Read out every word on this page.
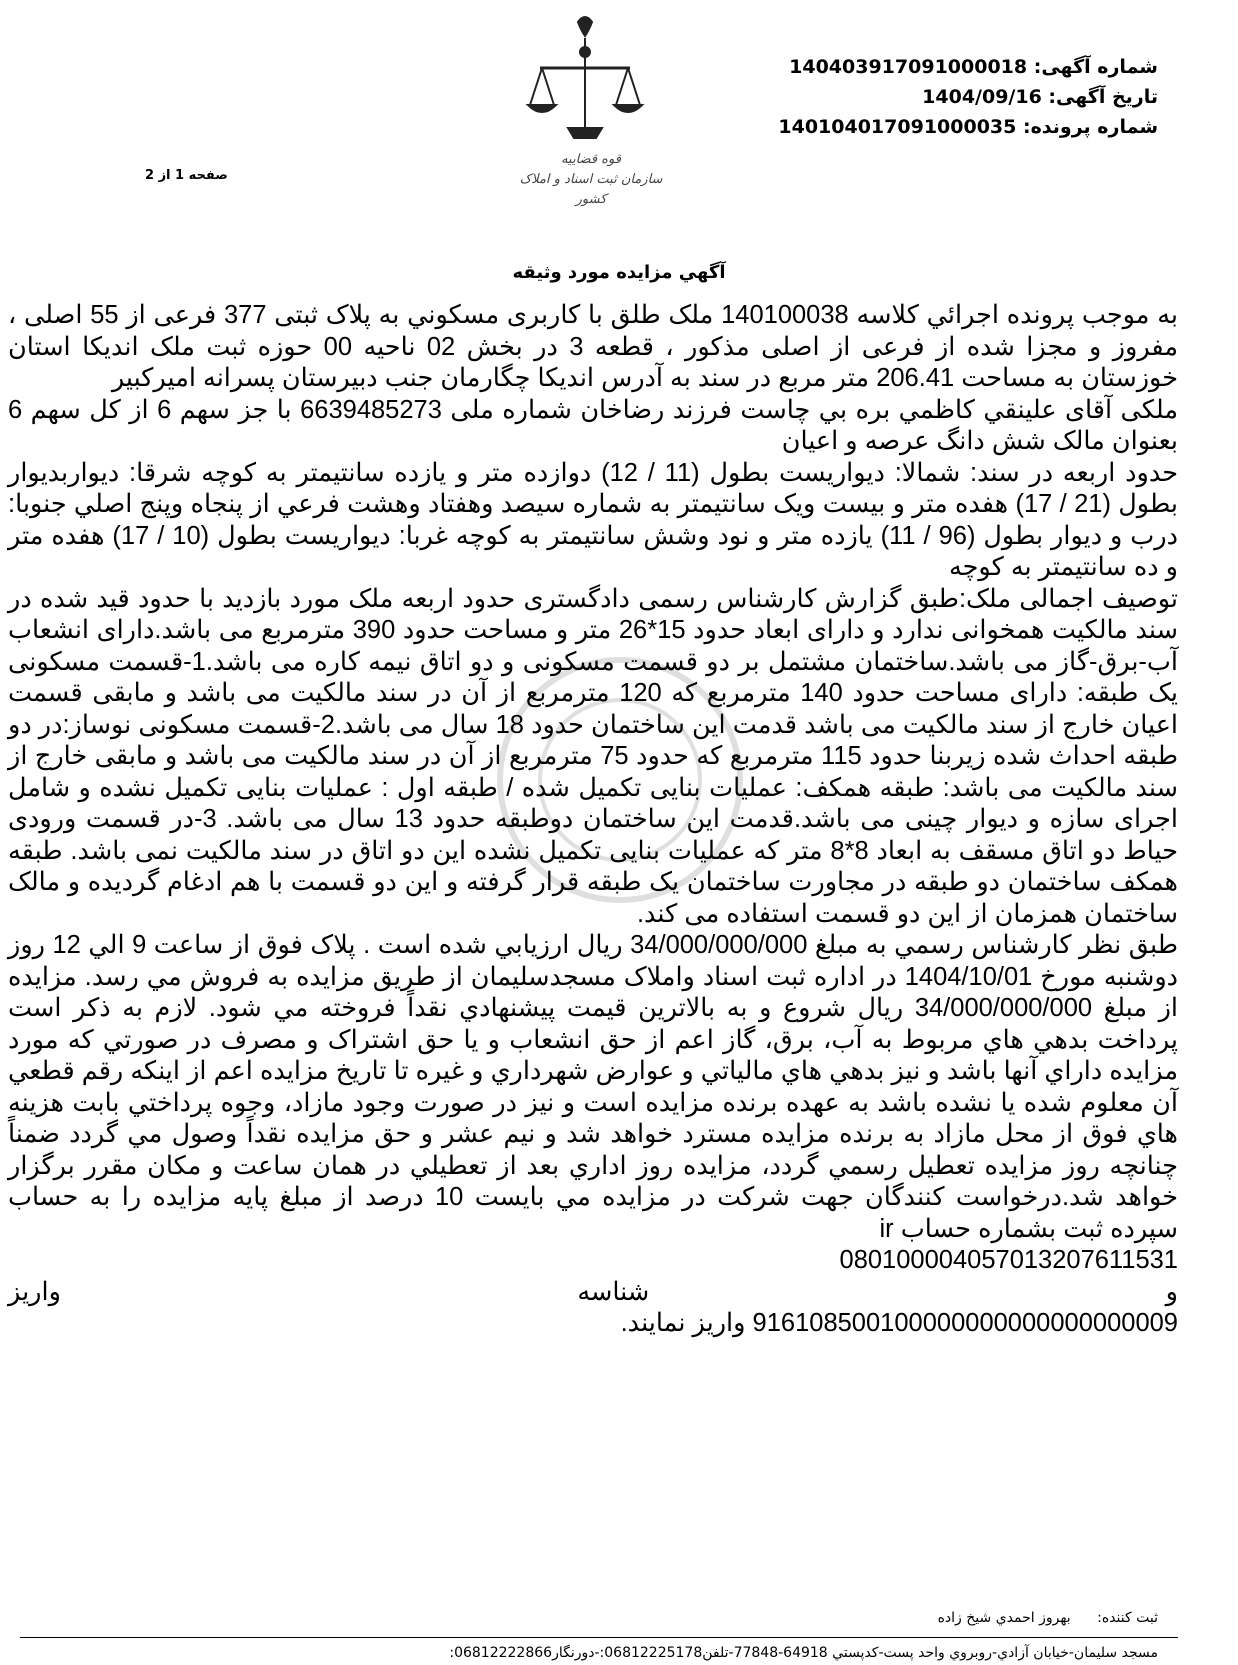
شماره آگهی: 140403917091000018
تاریخ آگهی: 1404/09/16
شماره پرونده: 140104017091000035
صفحه 1 از 2
قوه قضاییه
سازمان ثبت اسناد و املاک کشور
آگهي مزايده مورد وثيقه

به موجب پرونده اجرائي كلاسه 140100038 ملک طلق با کاربری مسكوني به پلاک ثبتی 377 فرعی از 55 اصلی ، مفروز و مجزا شده از فرعی از اصلی مذکور ، قطعه 3 در بخش 02 ناحيه 00 حوزه ثبت ملک انديكا استان خوزستان به مساحت 206.41 متر مربع در سند به آدرس انديكا چگارمان جنب دبيرستان پسرانه اميركبير

ملکی آقای علينقي كاظمي بره بي چاست فرزند رضاخان شماره ملی 6639485273 با جز سهم 6 از کل سهم 6 بعنوان مالک شش دانگ عرصه و اعيان

حدود اربعه در سند: شمالا: ديواريست بطول (11 / 12) دوازده متر و يازده سانتيمتر به كوچه شرقا: ديواربديوار بطول (21 / 17) هفده متر و بيست ويک سانتيمتر به شماره سيصد وهفتاد وهشت فرعي از پنجاه وپنج اصلي جنوبا: درب و ديوار بطول (96 / 11) يازده متر و نود وشش سانتيمتر به كوچه غربا: ديواريست بطول (10 / 17) هفده متر و ده سانتيمتر به كوچه

توصیف اجمالی ملک:طبق گزارش کارشناس رسمی دادگستری حدود اربعه ملک مورد بازدید با حدود قید شده در سند مالکیت همخوانی ندارد و دارای ابعاد حدود 15*26 متر و مساحت حدود 390 مترمربع می باشد.دارای انشعاب آب-برق-گاز می باشد.ساختمان مشتمل بر دو قسمت مسکونی و دو اتاق نیمه کاره می باشد.1-قسمت مسکونی یک طبقه: دارای مساحت حدود 140 مترمربع که 120 مترمربع از آن در سند مالکیت می باشد و مابقی قسمت اعیان خارج از سند مالکیت می باشد قدمت این ساختمان حدود 18 سال می باشد.2-قسمت مسکونی نوساز:در دو طبقه احداث شده زیربنا حدود 115 مترمربع که حدود 75 مترمربع از آن در سند مالکیت می باشد و مابقی خارج از سند مالکیت می باشد: طبقه همکف: عملیات بنایی تکمیل شده / طبقه اول : عملیات بنایی تکمیل نشده و شامل اجرای سازه و دیوار چینی می باشد.قدمت این ساختمان دوطبقه حدود 13 سال می باشد. 3-در قسمت ورودی حیاط دو اتاق مسقف به ابعاد 8*8 متر که عملیات بنایی تکمیل نشده این دو اتاق در سند مالکیت نمی باشد. طبقه همکف ساختمان دو طبقه در مجاورت ساختمان یک طبقه قرار گرفته و این دو قسمت با هم ادغام گردیده و مالک ساختمان همزمان از این دو قسمت استفاده می کند.

طبق نظر كارشناس رسمي به مبلغ 34/000/000/000 ريال ارزيابي شده است . پلاک فوق از ساعت 9 الي 12 روز دوشنبه مورخ 1404/10/01 در اداره ثبت اسناد واملاک مسجدسليمان از طريق مزايده به فروش مي رسد. مزايده از مبلغ 34/000/000/000 ريال شروع و به بالاترين قيمت پيشنهادي نقداً فروخته مي شود. لازم به ذكر است پرداخت بدهي هاي مربوط به آب، برق، گاز اعم از حق انشعاب و يا حق اشتراک و مصرف در صورتي كه مورد مزايده داراي آنها باشد و نيز بدهي هاي مالياتي و عوارض شهرداري و غيره تا تاريخ مزايده اعم از اينكه رقم قطعي آن معلوم شده يا نشده باشد به عهده برنده مزايده است و نيز در صورت وجود مازاد، وجوه پرداختي بابت هزينه هاي فوق از محل مازاد به برنده مزايده مسترد خواهد شد و نيم عشر و حق مزايده نقداً وصول مي گردد ضمناً چنانچه روز مزايده تعطيل رسمي گردد، مزايده روز اداري بعد از تعطيلي در همان ساعت و مكان مقرر برگزار خواهد شد.درخواست كنندگان جهت شركت در مزايده مي بايست 10 درصد از مبلغ پايه مزايده را به حساب سپرده ثبت بشماره حساب ir

080100004057013207611531
و شناسه واريز
916108500100000000000000000009 واريز نمايند.
ثبت کننده: بهروز احمدي شيخ زاده
مسجد سليمان-خيابان آزادي-روبروي واحد پست-كدپستي 64918-77848-تلفن06812225178:-دورنگار06812222866:
